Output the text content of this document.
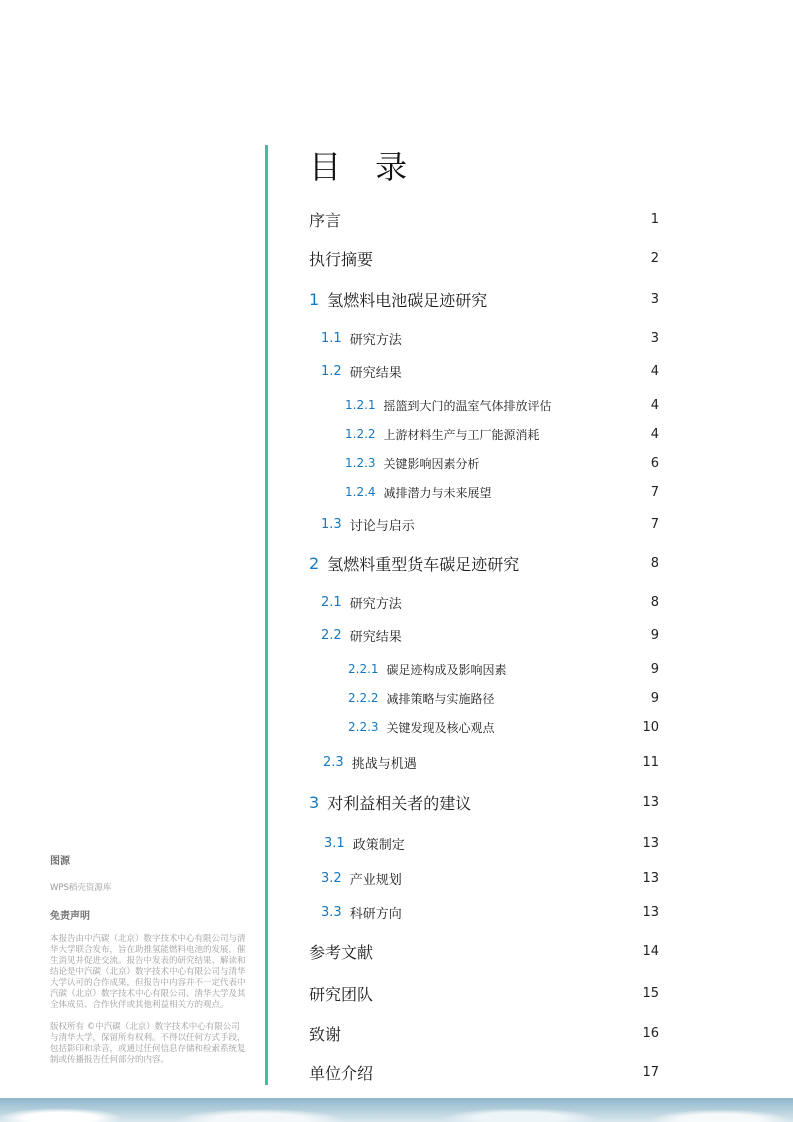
目 录
序言	1
执行摘要	2
1 氢燃料电池碳足迹研究	3
1.1 研究方法	3
1.2 研究结果	4
1.2.1 摇篮到大门的温室气体排放评估	4
1.2.2 上游材料生产与工厂能源消耗	4
1.2.3 关键影响因素分析	6
1.2.4 减排潜力与未来展望	7
1.3 讨论与启示	7
2 氢燃料重型货车碳足迹研究	8
2.1 研究方法	8
2.2 研究结果	9
2.2.1 碳足迹构成及影响因素	9
2.2.2 减排策略与实施路径	9
2.2.3 关键发现及核心观点	10
2.3 挑战与机遇	11
3 对利益相关者的建议	13
3.1 政策制定	13
3.2 产业规划	13
3.3 科研方向	13
参考文献	14
研究团队	15
致谢	16
单位介绍	17
图源
WPS稻壳资源库
免责声明

本报告由中汽碳（北京）数字技术中心有限公司与清华大学联合发布，旨在助推氢能燃料电池的发展，催生消见并促进交流。报告中发表的研究结果、解读和结论是中汽碳（北京）数字技术中心有限公司与清华大学认可的合作成果，但报告中内容并不一定代表中汽碳（北京）数字技术中心有限公司、清华大学及其全体成员、合作伙伴或其他利益相关方的观点。

版权所有 ©中汽碳（北京）数字技术中心有限公司与清华大学，保留所有权利。不得以任何方式手段，包括影印和录音，或通过任何信息存储和检索系统复制或传播报告任何部分的内容。
